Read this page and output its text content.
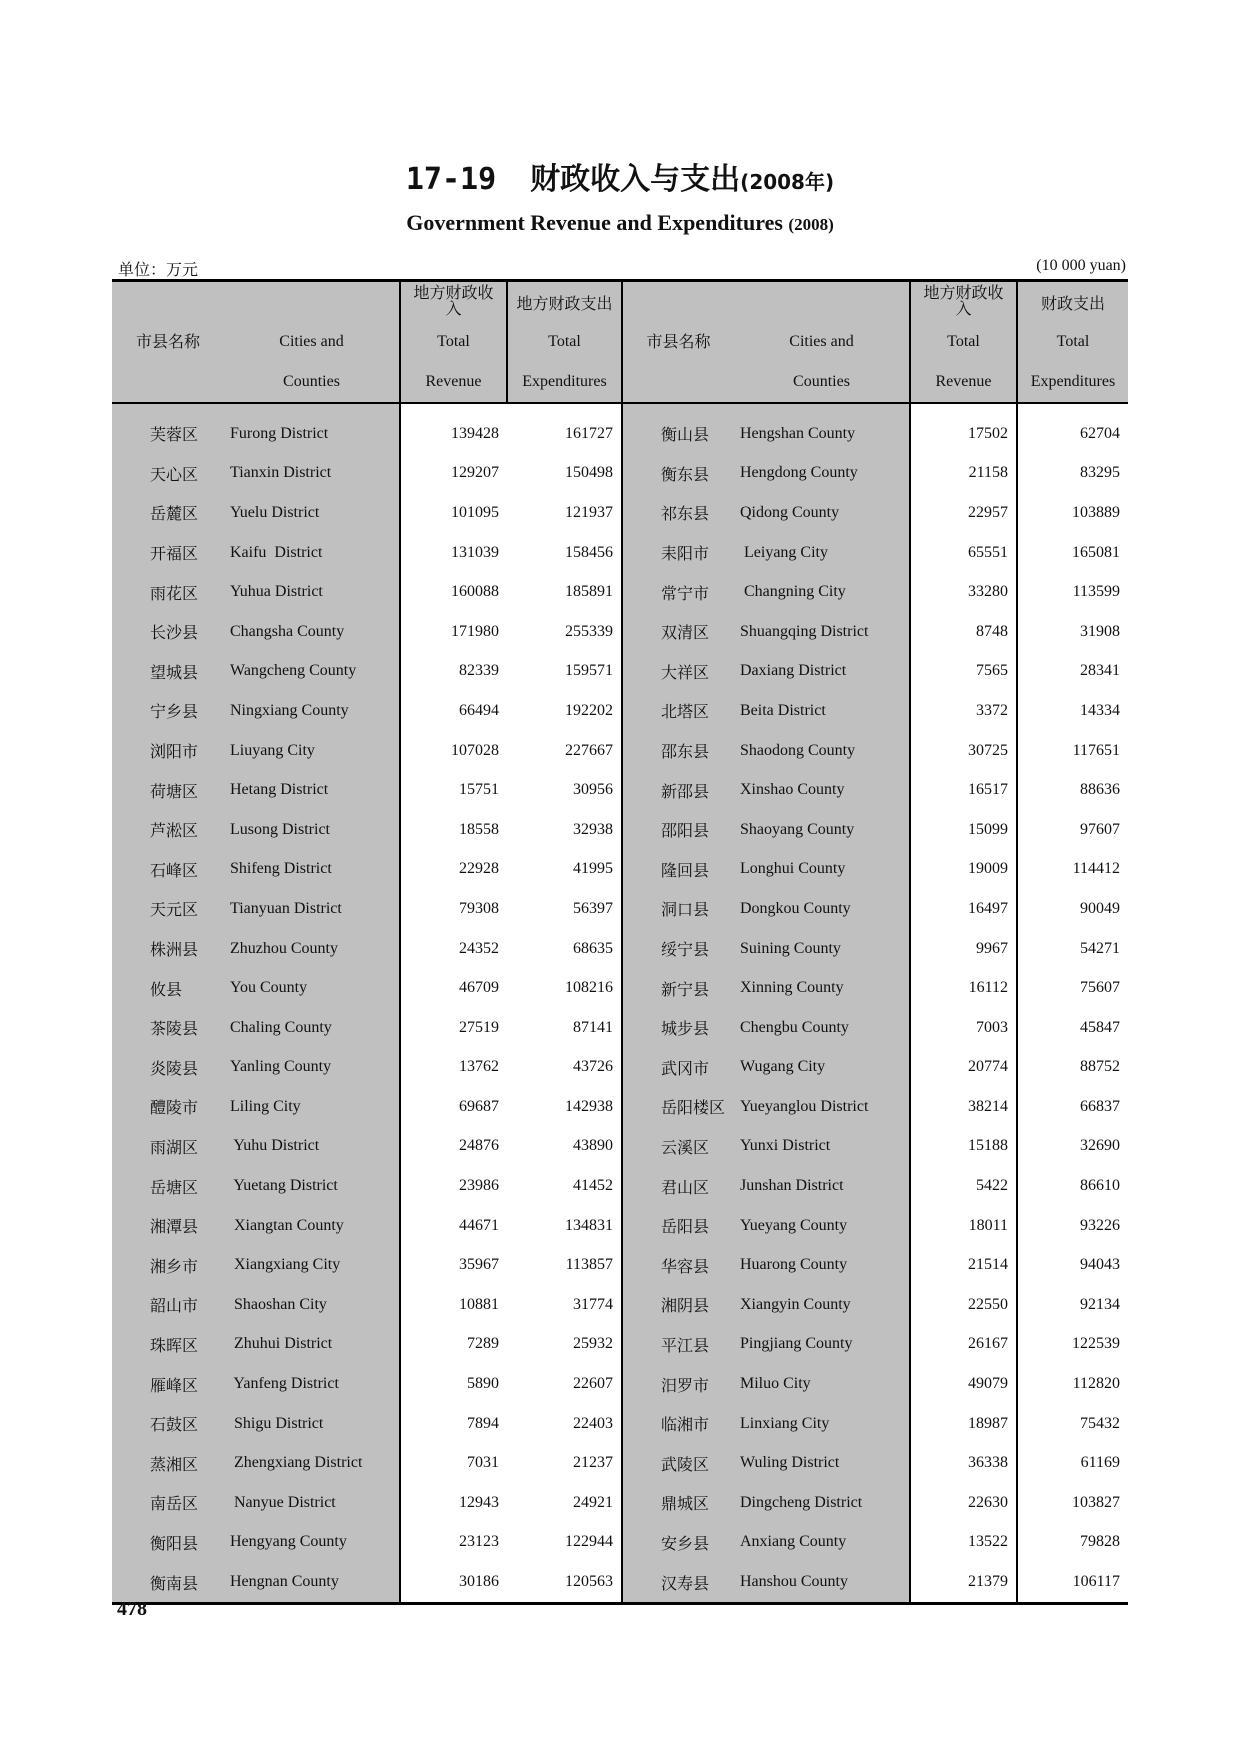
17-19 财政收入与支出(2008年)
Government Revenue and Expenditures (2008)
单位：万元	(10 000 yuan)
市县名称		地方财政收入	地方财政支出	市县名称		地方财政收入	财政支出
	Cities and	Total	Total		Cities and	Total	Total
	Counties	Revenue	Expenditures		Counties	Revenue	Expenditures
芙蓉区	Furong District	139428	161727	衡山县	Hengshan County	17502	62704
天心区	Tianxin District	129207	150498	衡东县	Hengdong County	21158	83295
岳麓区	Yuelu District	101095	121937	祁东县	Qidong County	22957	103889
开福区	Kaifu  District	131039	158456	耒阳市	Leiyang City	65551	165081
雨花区	Yuhua District	160088	185891	常宁市	Changning City	33280	113599
长沙县	Changsha County	171980	255339	双清区	Shuangqing District	8748	31908
望城县	Wangcheng County	82339	159571	大祥区	Daxiang District	7565	28341
宁乡县	Ningxiang County	66494	192202	北塔区	Beita District	3372	14334
浏阳市	Liuyang City	107028	227667	邵东县	Shaodong County	30725	117651
荷塘区	Hetang District	15751	30956	新邵县	Xinshao County	16517	88636
芦淞区	Lusong District	18558	32938	邵阳县	Shaoyang County	15099	97607
石峰区	Shifeng District	22928	41995	隆回县	Longhui County	19009	114412
天元区	Tianyuan District	79308	56397	洞口县	Dongkou County	16497	90049
株洲县	Zhuzhou County	24352	68635	绥宁县	Suining County	9967	54271
攸县	You County	46709	108216	新宁县	Xinning County	16112	75607
茶陵县	Chaling County	27519	87141	城步县	Chengbu County	7003	45847
炎陵县	Yanling County	13762	43726	武冈市	Wugang City	20774	88752
醴陵市	Liling City	69687	142938	岳阳楼区	Yueyanglou District	38214	66837
雨湖区	Yuhu District	24876	43890	云溪区	Yunxi District	15188	32690
岳塘区	Yuetang District	23986	41452	君山区	Junshan District	5422	86610
湘潭县	Xiangtan County	44671	134831	岳阳县	Yueyang County	18011	93226
湘乡市	Xiangxiang City	35967	113857	华容县	Huarong County	21514	94043
韶山市	Shaoshan City	10881	31774	湘阴县	Xiangyin County	22550	92134
珠晖区	Zhuhui District	7289	25932	平江县	Pingjiang County	26167	122539
雁峰区	Yanfeng District	5890	22607	汨罗市	Miluo City	49079	112820
石鼓区	Shigu District	7894	22403	临湘市	Linxiang City	18987	75432
蒸湘区	Zhengxiang District	7031	21237	武陵区	Wuling District	36338	61169
南岳区	Nanyue District	12943	24921	鼎城区	Dingcheng District	22630	103827
衡阳县	Hengyang County	23123	122944	安乡县	Anxiang County	13522	79828
衡南县	Hengnan County	30186	120563	汉寿县	Hanshou County	21379	106117
478
